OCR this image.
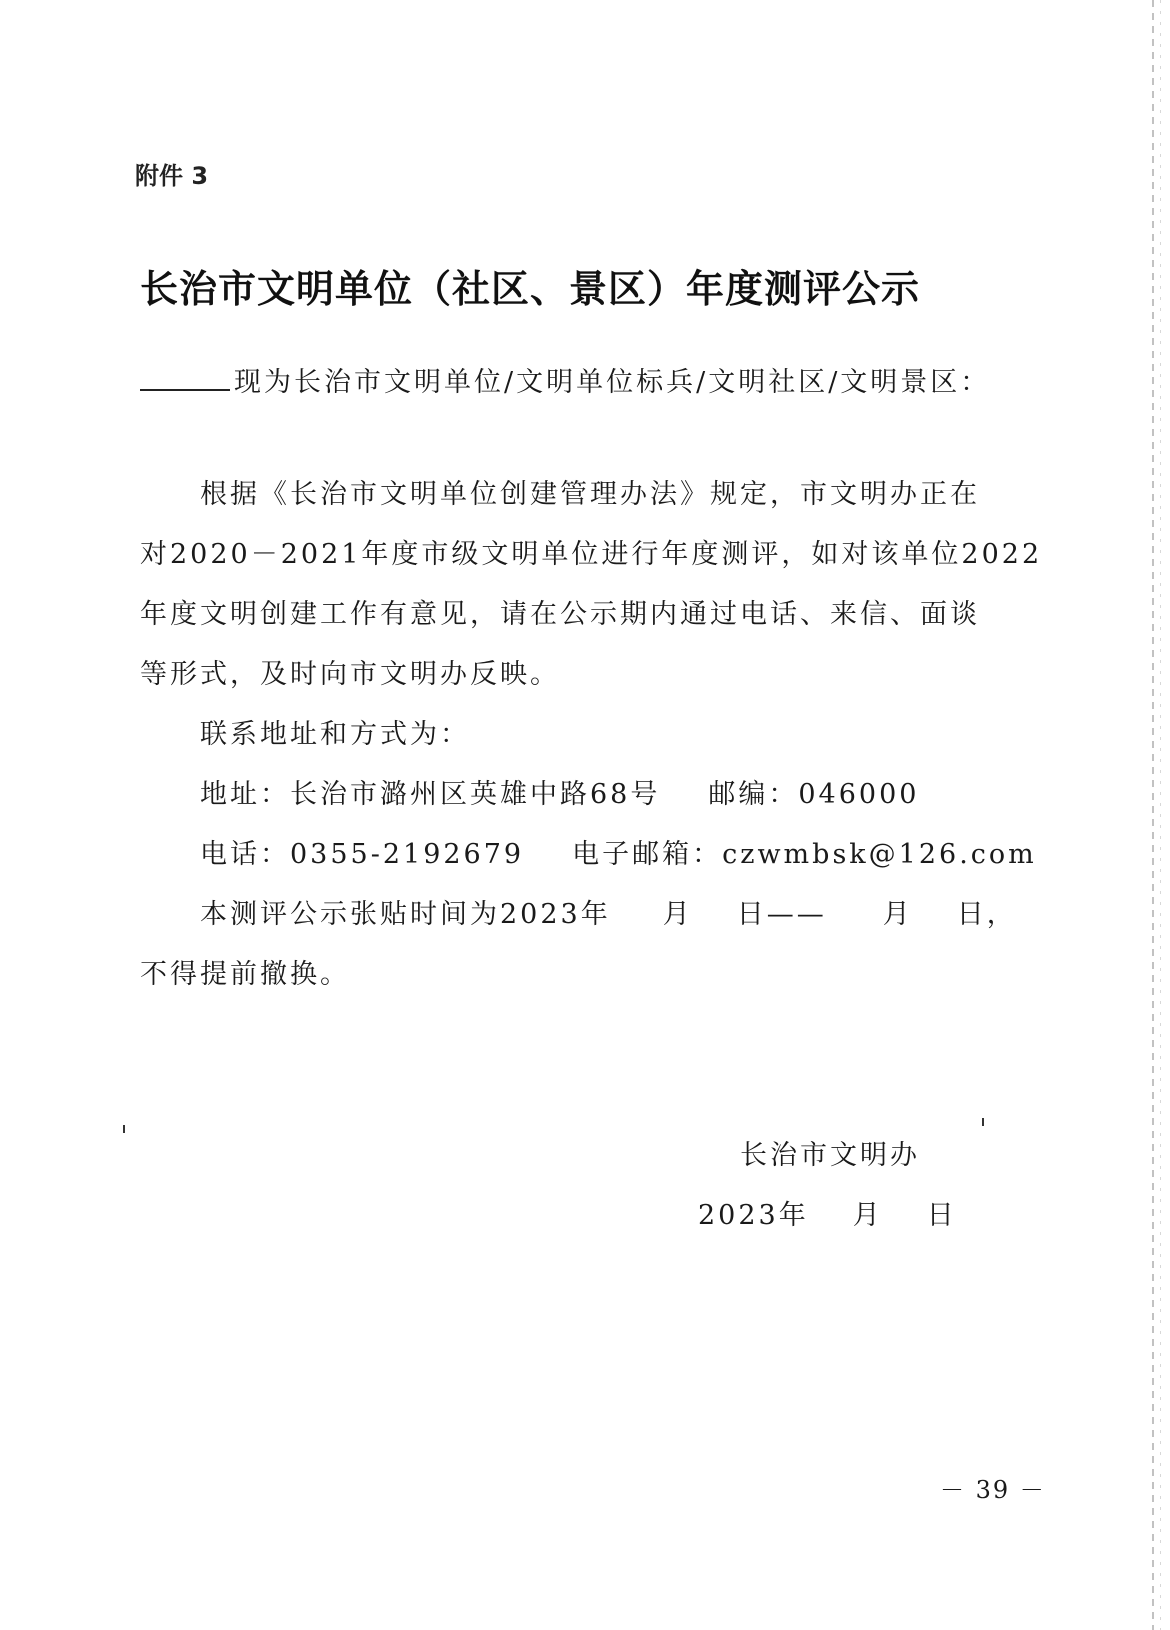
附件 3
长治市文明单位（社区、景区）年度测评公示
现为长治市文明单位/文明单位标兵/文明社区/文明景区：
根据《长治市文明单位创建管理办法》规定，市文明办正在
对2020－2021年度市级文明单位进行年度测评，如对该单位2022
年度文明创建工作有意见，请在公示期内通过电话、来信、面谈
等形式，及时向市文明办反映。
联系地址和方式为：
地址：长治市潞州区英雄中路68号 邮编：046000
电话：0355-2192679 电子邮箱：czwmbsk@126.com
本测评公示张贴时间为2023年 月 日—— 月 日，
不得提前撤换。
长治市文明办
2023年 月 日
－ 39 －
